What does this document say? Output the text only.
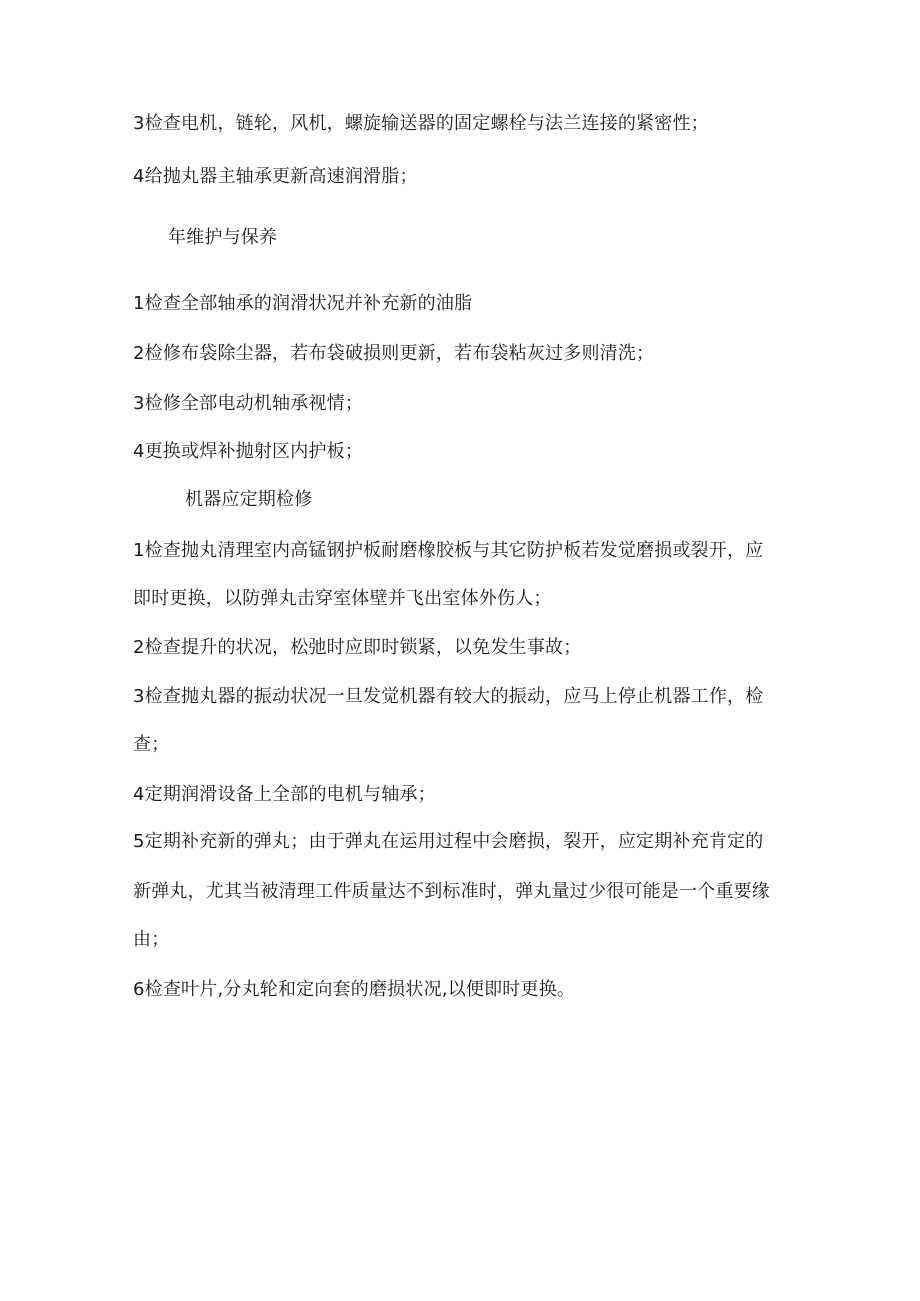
3检查电机，链轮，风机，螺旋输送器的固定螺栓与法兰连接的紧密性；
4给抛丸器主轴承更新高速润滑脂；
年维护与保养
1检查全部轴承的润滑状况并补充新的油脂
2检修布袋除尘器，若布袋破损则更新，若布袋粘灰过多则清洗；
3检修全部电动机轴承视情；
4更换或焊补抛射区内护板；
机器应定期检修
1检查抛丸清理室内高锰钢护板耐磨橡胶板与其它防护板若发觉磨损或裂开，应
即时更换，以防弹丸击穿室体壁并飞出室体外伤人；
2检查提升的状况，松弛时应即时锁紧，以免发生事故；
3检查抛丸器的振动状况一旦发觉机器有较大的振动，应马上停止机器工作，检
查；
4定期润滑设备上全部的电机与轴承；
5定期补充新的弹丸；由于弹丸在运用过程中会磨损，裂开，应定期补充肯定的
新弹丸，尤其当被清理工件质量达不到标准时，弹丸量过少很可能是一个重要缘
由；
6检查叶片,分丸轮和定向套的磨损状况,以便即时更换。
